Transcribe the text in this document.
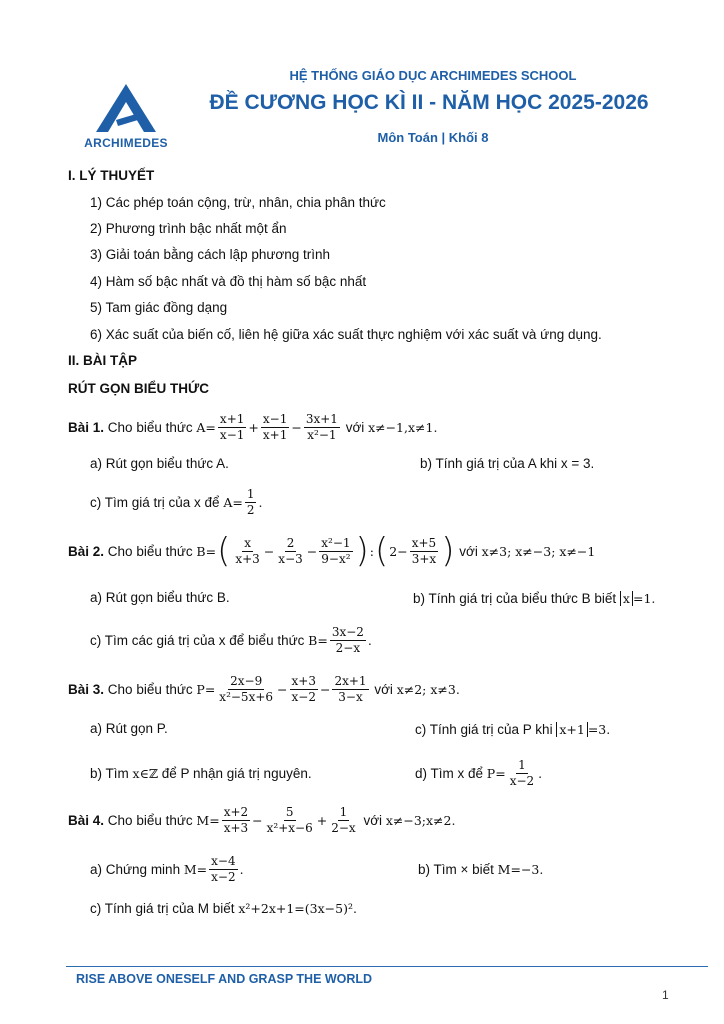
ARCHIMEDES
HỆ THỐNG GIÁO DỤC ARCHIMEDES SCHOOL
ĐỀ CƯƠNG HỌC KÌ II - NĂM HỌC 2025-2026
Môn Toán | Khối 8
I. LÝ THUYẾT
1) Các phép toán cộng, trừ, nhân, chia phân thức
2) Phương trình bậc nhất một ẩn
3) Giải toán bằng cách lập phương trình
4) Hàm số bậc nhất và đồ thị hàm số bậc nhất
5) Tam giác đồng dạng
6) Xác suất của biến cố, liên hệ giữa xác suất thực nghiệm với xác suất và ứng dụng.
II. BÀI TẬP
RÚT GỌN BIỂU THỨC
Bài 1.
Cho biểu thức
$A= \frac{x+1}{x-1} + \frac{x-1}{x+1} - \frac{3x+1}{\text{x²−1}}$
với
x≠−1,x≠1.
a) Rút gọn biểu thức A.	b) Tính giá trị của A khi x = 3.
c) Tìm giá trị của x để
$A= \frac{1}{2}$ .
Bài 2.
Cho biểu thức
B= ( $\frac{x}{x+3} - \frac{2}{x-3} - \frac{\text{x²−1}}{\text{9−x²}}$ ) : ( $2- \frac{x+5}{3+x}$ )
với
x≠3; x≠−3; x≠−1
a) Rút gọn biểu thức B.	b) Tính giá trị của biểu thức B biết
x =1.
c) Tìm các giá trị của x để biểu thức
$B= \frac{3x-2}{2-x}$ .
Bài 3.
Cho biểu thức
$P= \frac{2x-9}{\text{x²−5x+6}} - \frac{x+3}{x-2} - \frac{2x+1}{3-x}$
với
x≠2; x≠3.
a) Rút gọn P.	c) Tính giá trị của P khi
x+1 =3.
b) Tìm
x∈ℤ
để P nhận giá trị nguyên.	d) Tìm x để
$P= \frac{1}{x-2}$ .
Bài 4.
Cho biểu thức
$M= \frac{x+2}{x+3} - \frac{5}{\text{x²+x−6}} + \frac{1}{2-x}$
với
x≠−3;x≠2.
a) Chứng minh
$M= \frac{x-4}{x-2}$ .	b) Tìm × biết
M=−3.
c) Tính giá trị của M biết
x²+2x+1=(3x−5)².
RISE ABOVE ONESELF AND GRASP THE WORLD
1
